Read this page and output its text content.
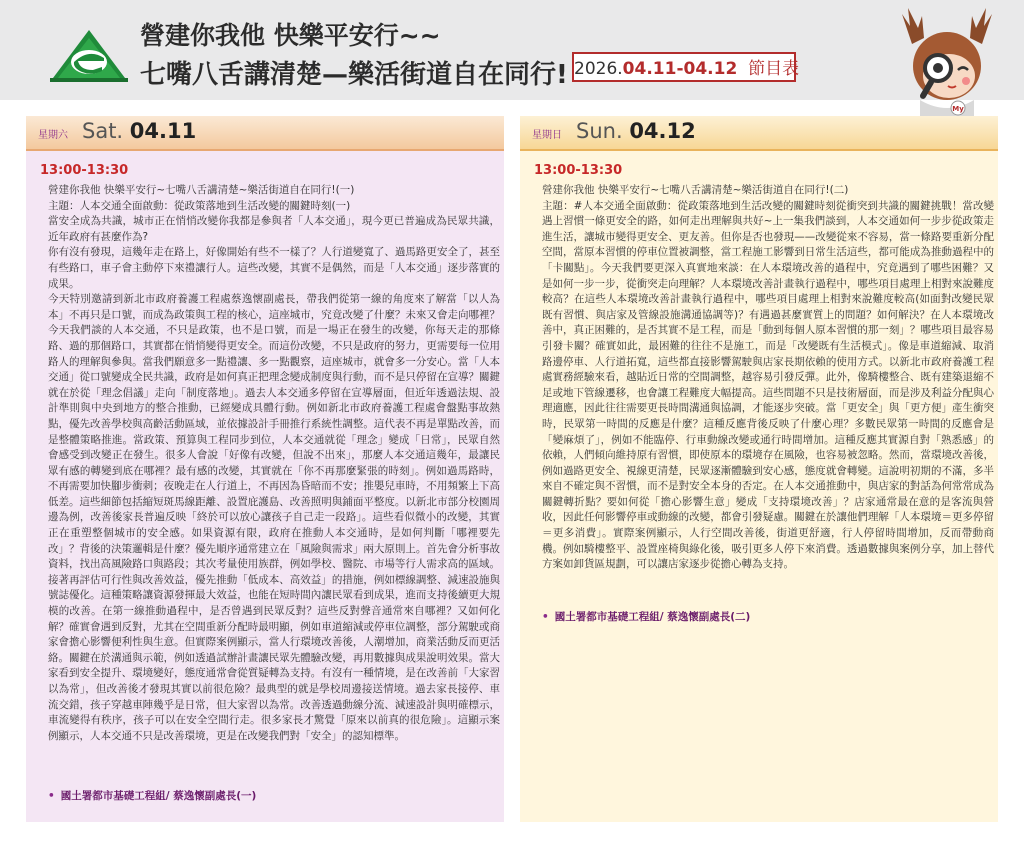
營建你我他 快樂平安行~~
七嘴八舌講清楚—樂活街道自在同行! 2026.04.11-04.12 節目表
My
星期六 Sat. 04.11
13:00-13:30

營建你我他 快樂平安行~七嘴八舌講清楚~樂活街道自在同行!(一)

主題：人本交通全面啟動：從政策落地到生活改變的關鍵時刻(一)

當安全成為共識，城市正在悄悄改變你我都是參與者「人本交通」，現今更已普遍成為民眾共識，近年政府有甚麼作為?

你有沒有發現，這幾年走在路上，好像開始有些不一樣了？人行道變寬了、過馬路更安全了，甚至有些路口，車子會主動停下來禮讓行人。這些改變，其實不是偶然，而是「人本交通」逐步落實的成果。

今天特別邀請到新北市政府養護工程處蔡逸懷副處長，帶我們從第一線的角度來了解當「以人為本」不再只是口號，而成為政策與工程的核心，這座城市，究竟改變了什麼？未來又會走向哪裡？今天我們談的人本交通，不只是政策，也不是口號，而是一場正在發生的改變，你每天走的那條路、過的那個路口，其實都在悄悄變得更安全。而這份改變，不只是政府的努力，更需要每一位用路人的理解與參與。當我們願意多一點禮讓、多一點觀察，這座城市，就會多一分安心。當「人本交通」從口號變成全民共識，政府是如何真正把理念變成制度與行動，而不是只停留在宣導？關鍵就在於從「理念倡議」走向「制度落地」。過去人本交通多停留在宣導層面，但近年透過法規、設計準則與中央到地方的整合推動，已經變成具體行動。例如新北市政府養護工程處會盤點事故熱點，優先改善學校與高齡活動區域，並依據設計手冊推行系統性調整。這代表不再是單點改善，而是整體策略推進。當政策、預算與工程同步到位，人本交通就從「理念」變成「日常」，民眾自然會感受到改變正在發生。很多人會說「好像有改變，但說不出來」，那麼人本交通這幾年，最讓民眾有感的轉變到底在哪裡？最有感的改變，其實就在「你不再那麼緊張的時刻」。例如過馬路時，不再需要加快腳步衝刺；夜晚走在人行道上，不再因為昏暗而不安；推嬰兒車時，不用頻繁上下高低差。這些細節包括縮短斑馬線距離、設置庇護島、改善照明與鋪面平整度。以新北市部分校園周邊為例，改善後家長普遍反映「終於可以放心讓孩子自己走一段路」。這些看似微小的改變，其實正在重塑整個城市的安全感。如果資源有限，政府在推動人本交通時，是如何判斷「哪裡要先改」？背後的決策邏輯是什麼？優先順序通常建立在「風險與需求」兩大原則上。首先會分析事故資料，找出高風險路口與路段；其次考量使用族群，例如學校、醫院、市場等行人需求高的區域。接著再評估可行性與改善效益，優先推動「低成本、高效益」的措施，例如標線調整、減速設施與號誌優化。這種策略讓資源發揮最大效益，也能在短時間內讓民眾看到成果，進而支持後續更大規模的改善。在第一線推動過程中，是否曾遇到民眾反對？這些反對聲音通常來自哪裡？又如何化解？確實會遇到反對，尤其在空間重新分配時最明顯，例如車道縮減或停車位調整，部分駕駛或商家會擔心影響便利性與生意。但實際案例顯示，當人行環境改善後，人潮增加，商業活動反而更活絡。關鍵在於溝通與示範，例如透過試辦計畫讓民眾先體驗改變，再用數據與成果說明效果。當大家看到安全提升、環境變好，態度通常會從質疑轉為支持。有沒有一種情境，是在改善前「大家習以為常」，但改善後才發現其實以前很危險？最典型的就是學校周邊接送情境。過去家長接停、車流交錯，孩子穿越車陣幾乎是日常，但大家習以為常。改善透過動線分流、減速設計與明確標示，車流變得有秩序，孩子可以在安全空間行走。很多家長才驚覺「原來以前真的很危險」。這顯示案例顯示，人本交通不只是改善環境，更是在改變我們對「安全」的認知標準。

• 國土署都市基礎工程組/ 蔡逸懷副處長(一)
星期日 Sun. 04.12
13:00-13:30

營建你我他 快樂平安行~七嘴八舌講清楚~樂活街道自在同行!(二)

主題：#人本交通全面啟動：從政策落地到生活改變的關鍵時刻從衝突到共識的關鍵挑戰！當改變遇上習慣一條更安全的路，如何走出理解與共好~上一集我們談到，人本交通如何一步步從政策走進生活，讓城市變得更安全、更友善。但你是否也發現——改變從來不容易，當一條路要重新分配空間，當原本習慣的停車位置被調整，當工程施工影響到日常生活這些，都可能成為推動過程中的「卡關點」。今天我們要更深入真實地來談：在人本環境改善的過程中，究竟遇到了哪些困難？又是如何一步一步，從衝突走向理解？人本環境改善計畫執行過程中，哪些項目處理上相對來說難度較高？在這些人本環境改善計畫執行過程中，哪些項目處理上相對來說難度較高(如面對改變民眾既有習慣、與店家及管線設施溝通協調等)？有遇過甚麼實質上的問題？如何解決？在人本環境改善中，真正困難的，是否其實不是工程，而是「動到每個人原本習慣的那一刻」？哪些項目最容易引發卡關？確實如此，最困難的往往不是施工，而是「改變既有生活模式」。像是車道縮減、取消路邊停車、人行道拓寬，這些都直接影響駕駛與店家長期依賴的使用方式。以新北市政府養護工程處實務經驗來看，越貼近日常的空間調整，越容易引發反彈。此外，像騎樓整合、既有建築退縮不足或地下管線遷移，也會讓工程難度大幅提高。這些問題不只是技術層面，而是涉及利益分配與心理適應，因此往往需要更長時間溝通與協調，才能逐步突破。當「更安全」與「更方便」產生衝突時，民眾第一時間的反應是什麼？這種反應背後反映了什麼心理？多數民眾第一時間的反應會是「變麻煩了」，例如不能臨停、行車動線改變或通行時間增加。這種反應其實源自對「熟悉感」的依賴，人們傾向維持原有習慣，即使原本的環境存在風險，也容易被忽略。然而，當環境改善後，例如過路更安全、視線更清楚，民眾逐漸體驗到安心感，態度就會轉變。這說明初期的不滿，多半來自不確定與不習慣，而不是對安全本身的否定。在人本交通推動中，與店家的對話為何常常成為關鍵轉折點？要如何從「擔心影響生意」變成「支持環境改善」？店家通常最在意的是客流與營收，因此任何影響停車或動線的改變，都會引發疑慮。關鍵在於讓他們理解「人本環境＝更多停留＝更多消費」。實際案例顯示，人行空間改善後，街道更舒適，行人停留時間增加，反而帶動商機。例如騎樓整平、設置座椅與綠化後，吸引更多人停下來消費。透過數據與案例分享，加上替代方案如卸貨區規劃，可以讓店家逐步從擔心轉為支持。

• 國土署都市基礎工程組/ 蔡逸懷副處長(二)
